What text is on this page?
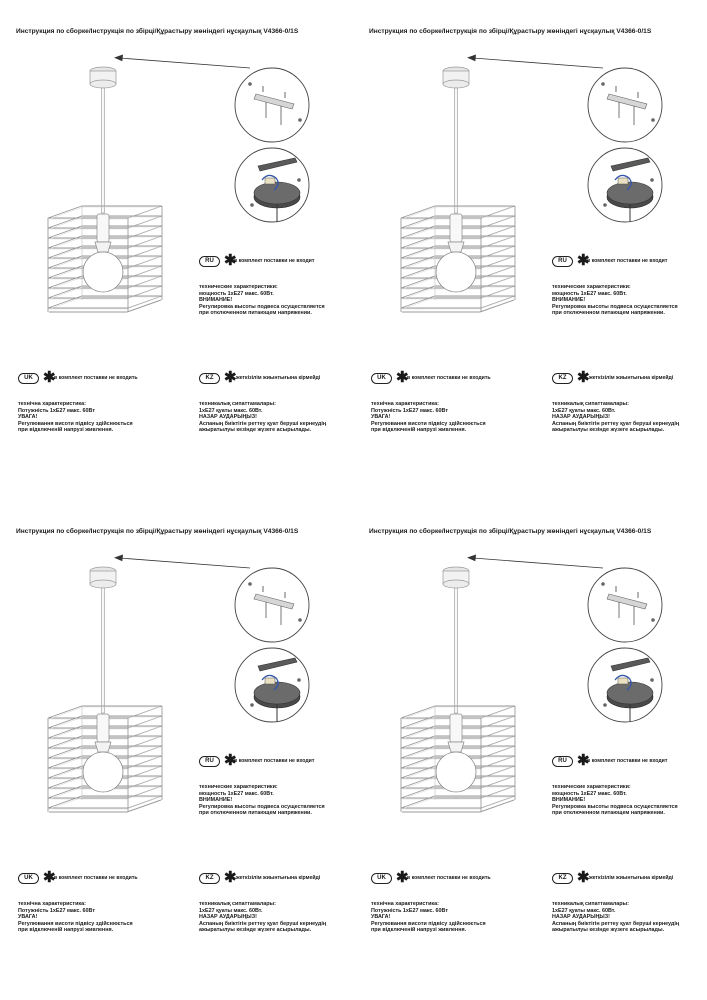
Инструкция по сборке/Інструкція по збірці/Құрастыру жөніндегі нұсқаулық V4366-0/1S
RU ✱
в комплект поставки не входит
технические характеристики:
мощность 1хЕ27 макс. 60Вт.
ВНИМАНИЕ!
Регулировка высоты подвеса осуществляется
при отключенном питающем напряжении.
UK ✱
в комплект поставки не входить
технічна характеристика:
Потужність 1хЕ27 макс. 60Вт
УВАГА!
Регулювання висоти підвісу здійснюється
при відключеній напрузі живлення.
KZ ✱ жеткізілім жиынтығына кірмейді
техникалық сипаттамалары:
1хЕ27 қуаты макс. 60Вт.
НАЗАР АУДАРЫҢЫЗ!
Аспаның биіктігін реттеу қуат беруші кернеудің
ажыратылуы кезінде жүзеге асырылады.
Инструкция по сборке/Інструкція по збірці/Құрастыру жөніндегі нұсқаулық V4366-0/1S
RU ✱
в комплект поставки не входит
технические характеристики:
мощность 1хЕ27 макс. 60Вт.
ВНИМАНИЕ!
Регулировка высоты подвеса осуществляется
при отключенном питающем напряжении.
UK ✱
в комплект поставки не входить
технічна характеристика:
Потужність 1хЕ27 макс. 60Вт
УВАГА!
Регулювання висоти підвісу здійснюється
при відключеній напрузі живлення.
KZ ✱ жеткізілім жиынтығына кірмейді
техникалық сипаттамалары:
1хЕ27 қуаты макс. 60Вт.
НАЗАР АУДАРЫҢЫЗ!
Аспаның биіктігін реттеу қуат беруші кернеудің
ажыратылуы кезінде жүзеге асырылады.
Инструкция по сборке/Інструкція по збірці/Құрастыру жөніндегі нұсқаулық V4366-0/1S
RU ✱
в комплект поставки не входит
технические характеристики:
мощность 1хЕ27 макс. 60Вт.
ВНИМАНИЕ!
Регулировка высоты подвеса осуществляется
при отключенном питающем напряжении.
UK ✱
в комплект поставки не входить
технічна характеристика:
Потужність 1хЕ27 макс. 60Вт
УВАГА!
Регулювання висоти підвісу здійснюється
при відключеній напрузі живлення.
KZ ✱ жеткізілім жиынтығына кірмейді
техникалық сипаттамалары:
1хЕ27 қуаты макс. 60Вт.
НАЗАР АУДАРЫҢЫЗ!
Аспаның биіктігін реттеу қуат беруші кернеудің
ажыратылуы кезінде жүзеге асырылады.
Инструкция по сборке/Інструкція по збірці/Құрастыру жөніндегі нұсқаулық V4366-0/1S
RU ✱
в комплект поставки не входит
технические характеристики:
мощность 1хЕ27 макс. 60Вт.
ВНИМАНИЕ!
Регулировка высоты подвеса осуществляется
при отключенном питающем напряжении.
UK ✱
в комплект поставки не входить
технічна характеристика:
Потужність 1хЕ27 макс. 60Вт
УВАГА!
Регулювання висоти підвісу здійснюється
при відключеній напрузі живлення.
KZ ✱ жеткізілім жиынтығына кірмейді
техникалық сипаттамалары:
1хЕ27 қуаты макс. 60Вт.
НАЗАР АУДАРЫҢЫЗ!
Аспаның биіктігін реттеу қуат беруші кернеудің
ажыратылуы кезінде жүзеге асырылады.
